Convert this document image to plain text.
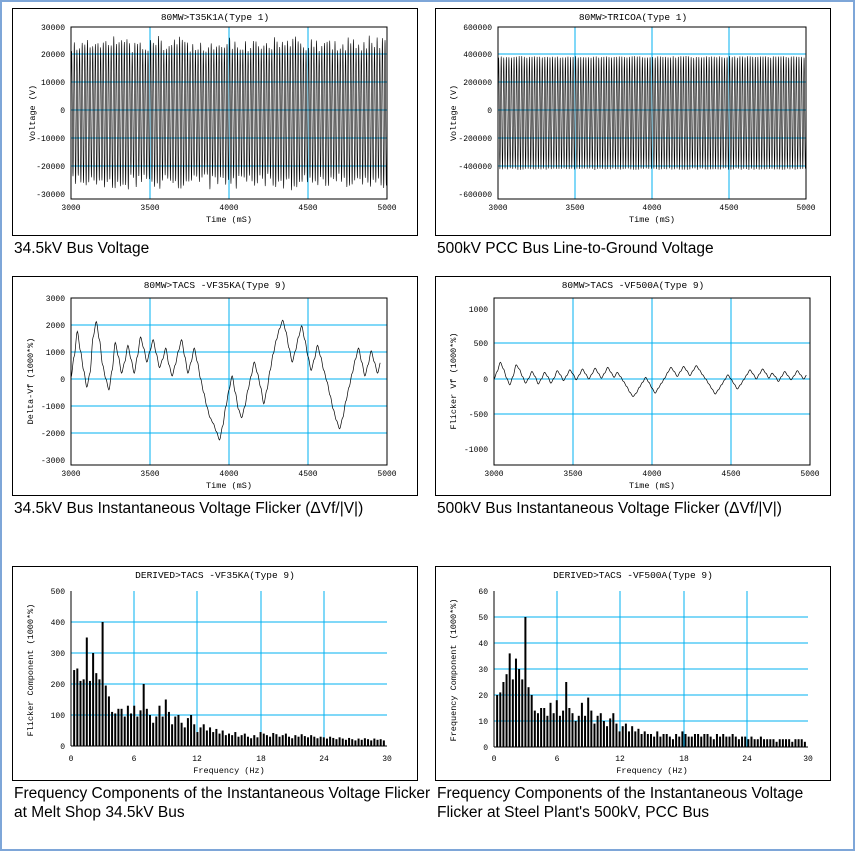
80MW>T35K1A(Type 1)
30000
20000
10000
0
-10000
-20000
-30000
3000	3500	4000	4500	5000
Time (mS)
Voltage (V)
34.5kV Bus Voltage
80MW>TRICOA(Type 1)
600000
400000
200000
0
-200000
-400000
-600000
3000	3500	4000	4500	5000
Time (mS)
Voltage (V)
500kV PCC Bus Line-to-Ground Voltage
80MW>TACS -VF35KA(Type 9)
3000
2000
1000
0
-1000
-2000
-3000
3000	3500	4000	4500	5000
Time (mS)
Delta-Vf (1000*%)
34.5kV Bus Instantaneous Voltage Flicker (ΔVf/|V|)
80MW>TACS -VF500A(Type 9)
1000
500
0
-500
-1000
3000	3500	4000	4500	5000
Time (mS)
Flicker Vf (1000*%)
500kV Bus Instantaneous Voltage Flicker (ΔVf/|V|)
DERIVED>TACS -VF35KA(Type 9)
500
400
300
200
100
0
0	6	12	18	24	30
Frequency (Hz)
Flicker Component (1000*%)
Frequency Components of the Instantaneous Voltage Flicker at Melt Shop 34.5kV Bus
DERIVED>TACS -VF500A(Type 9)
60
50
40
30
20
10
0
0	6	12	18	24	30
Frequency (Hz)
Frequency Component (1000*%)
Frequency Components of the Instantaneous Voltage Flicker at Steel Plant's 500kV, PCC Bus
